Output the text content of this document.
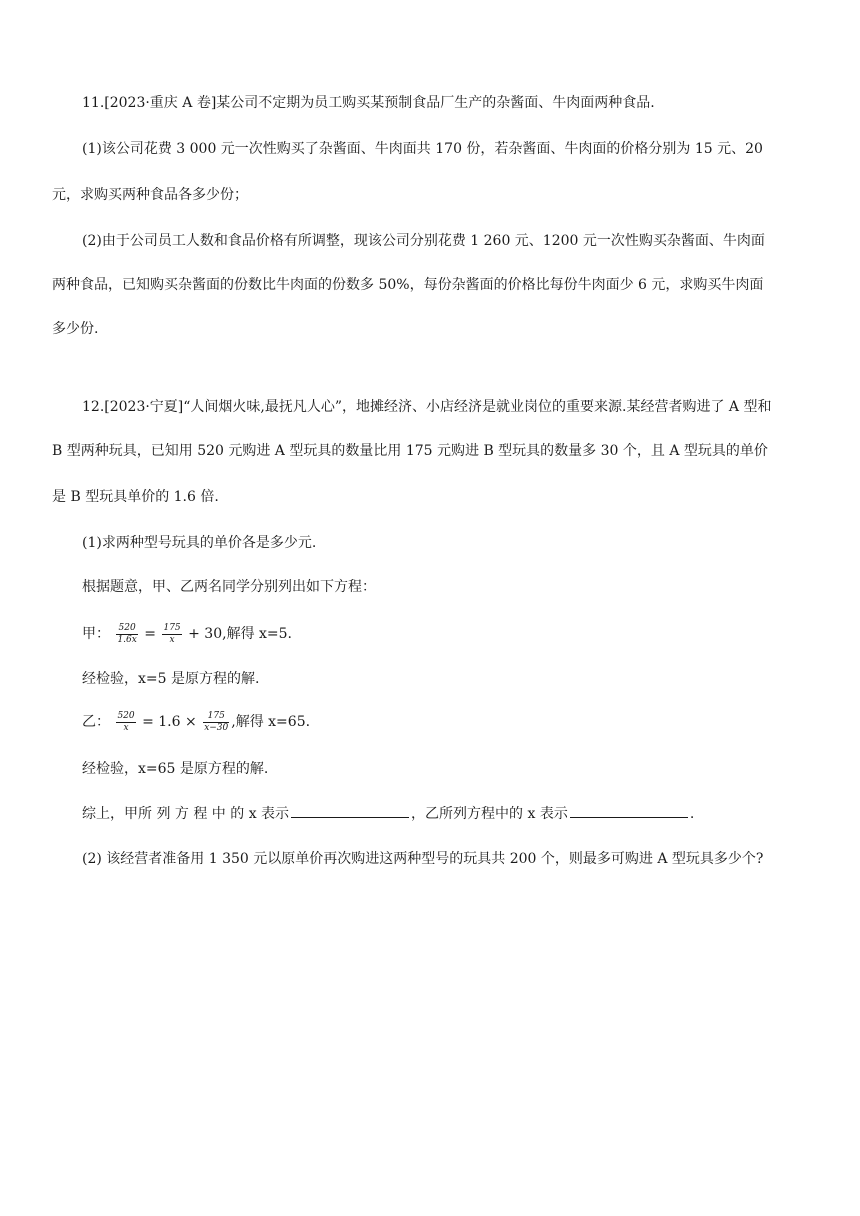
11.[2023·重庆 A 卷]某公司不定期为员工购买某预制食品厂生产的杂酱面、牛肉面两种食品.
(1)该公司花费 3 000 元一次性购买了杂酱面、牛肉面共 170 份，若杂酱面、牛肉面的价格分别为 15 元、20
元，求购买两种食品各多少份；
(2)由于公司员工人数和食品价格有所调整，现该公司分别花费 1 260 元、1200 元一次性购买杂酱面、牛肉面
两种食品，已知购买杂酱面的份数比牛肉面的份数多 50%，每份杂酱面的价格比每份牛肉面少 6 元，求购买牛肉面
多少份.
12.[2023·宁夏]“人间烟火味,最抚凡人心”，地摊经济、小店经济是就业岗位的重要来源.某经营者购进了 A 型和
B 型两种玩具，已知用 520 元购进 A 型玩具的数量比用 175 元购进 B 型玩具的数量多 30 个，且 A 型玩具的单价
是 B 型玩具单价的 1.6 倍.
(1)求两种型号玩具的单价各是多少元.
根据题意，甲、乙两名同学分别列出如下方程：
甲： $\frac{520}{1.6x} = \frac{175}{x} + 30$,解得 x=5.
经检验，x=5 是原方程的解.
乙： $\frac{520}{x} = 1.6 \times \frac{175}{x-30}$ ,解得 x=65.
经检验，x=65 是原方程的解.
综上，甲所 列 方 程 中 的 x 表示	，乙所列方程中的 x 表示	.
(2) 该经营者准备用 1 350 元以原单价再次购进这两种型号的玩具共 200 个，则最多可购进 A 型玩具多少个?
